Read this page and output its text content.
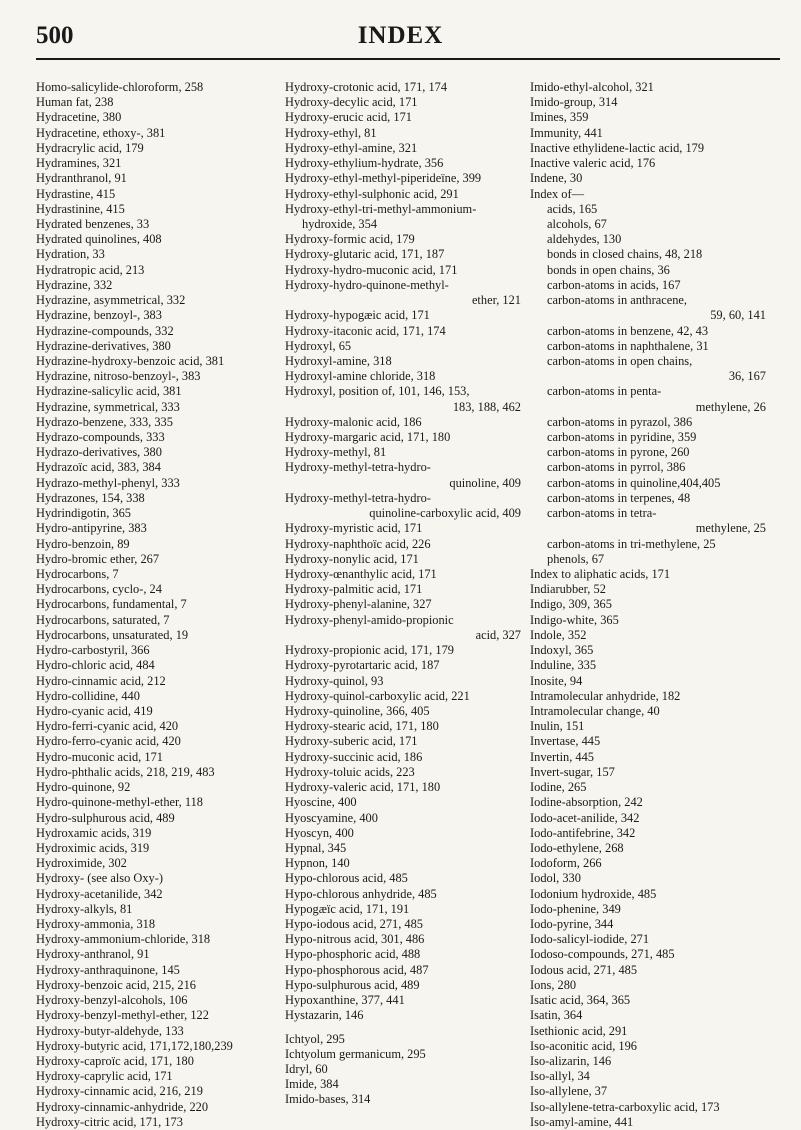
500	INDEX
Homo-salicylide-chloroform, 258
Human fat, 238
Hydracetine, 380
Hydracetine, ethoxy-, 381
Hydracrylic acid, 179
Hydramines, 321
Hydranthranol, 91
Hydrastine, 415
Hydrastinine, 415
Hydrated benzenes, 33
Hydrated quinolines, 408
Hydration, 33
Hydratropic acid, 213
Hydrazine, 332
Hydrazine, asymmetrical, 332
Hydrazine, benzoyl-, 383
Hydrazine-compounds, 332
Hydrazine-derivatives, 380
Hydrazine-hydroxy-benzoic acid, 381
Hydrazine, nitroso-benzoyl-, 383
Hydrazine-salicylic acid, 381
Hydrazine, symmetrical, 333
Hydrazo-benzene, 333, 335
Hydrazo-compounds, 333
Hydrazo-derivatives, 380
Hydrazoïc acid, 383, 384
Hydrazo-methyl-phenyl, 333
Hydrazones, 154, 338
Hydrindigotin, 365
Hydro-antipyrine, 383
Hydro-benzoin, 89
Hydro-bromic ether, 267
Hydrocarbons, 7
Hydrocarbons, cyclo-, 24
Hydrocarbons, fundamental, 7
Hydrocarbons, saturated, 7
Hydrocarbons, unsaturated, 19
Hydro-carbostyril, 366
Hydro-chloric acid, 484
Hydro-cinnamic acid, 212
Hydro-collidine, 440
Hydro-cyanic acid, 419
Hydro-ferri-cyanic acid, 420
Hydro-ferro-cyanic acid, 420
Hydro-muconic acid, 171
Hydro-phthalic acids, 218, 219, 483
Hydro-quinone, 92
Hydro-quinone-methyl-ether, 118
Hydro-sulphurous acid, 489
Hydroxamic acids, 319
Hydroximic acids, 319
Hydroximide, 302
Hydroxy- (see also Oxy-)
Hydroxy-acetanilide, 342
Hydroxy-alkyls, 81
Hydroxy-ammonia, 318
Hydroxy-ammonium-chloride, 318
Hydroxy-anthranol, 91
Hydroxy-anthraquinone, 145
Hydroxy-benzoic acid, 215, 216
Hydroxy-benzyl-alcohols, 106
Hydroxy-benzyl-methyl-ether, 122
Hydroxy-butyr-aldehyde, 133
Hydroxy-butyric acid, 171,172,180,239
Hydroxy-caproïc acid, 171, 180
Hydroxy-caprylic acid, 171
Hydroxy-cinnamic acid, 216, 219
Hydroxy-cinnamic-anhydride, 220
Hydroxy-citric acid, 171, 173
Hydroxy-crotonic acid, 171, 174
Hydroxy-decylic acid, 171
Hydroxy-erucic acid, 171
Hydroxy-ethyl, 81
Hydroxy-ethyl-amine, 321
Hydroxy-ethylium-hydrate, 356
Hydroxy-ethyl-methyl-piperideïne, 399
Hydroxy-ethyl-sulphonic acid, 291
Hydroxy-ethyl-tri-methyl-ammonium-
hydroxide, 354
Hydroxy-formic acid, 179
Hydroxy-glutaric acid, 171, 187
Hydroxy-hydro-muconic acid, 171
Hydroxy-hydro-quinone-methyl-
ether, 121
Hydroxy-hypogæic acid, 171
Hydroxy-itaconic acid, 171, 174
Hydroxyl, 65
Hydroxyl-amine, 318
Hydroxyl-amine chloride, 318
Hydroxyl, position of, 101, 146, 153,
183, 188, 462
Hydroxy-malonic acid, 186
Hydroxy-margaric acid, 171, 180
Hydroxy-methyl, 81
Hydroxy-methyl-tetra-hydro-
quinoline, 409
Hydroxy-methyl-tetra-hydro-
quinoline-carboxylic acid, 409
Hydroxy-myristic acid, 171
Hydroxy-naphthoïc acid, 226
Hydroxy-nonylic acid, 171
Hydroxy-œnanthylic acid, 171
Hydroxy-palmitic acid, 171
Hydroxy-phenyl-alanine, 327
Hydroxy-phenyl-amido-propionic
acid, 327
Hydroxy-propionic acid, 171, 179
Hydroxy-pyrotartaric acid, 187
Hydroxy-quinol, 93
Hydroxy-quinol-carboxylic acid, 221
Hydroxy-quinoline, 366, 405
Hydroxy-stearic acid, 171, 180
Hydroxy-suberic acid, 171
Hydroxy-succinic acid, 186
Hydroxy-toluic acids, 223
Hydroxy-valeric acid, 171, 180
Hyoscine, 400
Hyoscyamine, 400
Hyoscyn, 400
Hypnal, 345
Hypnon, 140
Hypo-chlorous acid, 485
Hypo-chlorous anhydride, 485
Hypogæïc acid, 171, 191
Hypo-iodous acid, 271, 485
Hypo-nitrous acid, 301, 486
Hypo-phosphoric acid, 488
Hypo-phosphorous acid, 487
Hypo-sulphurous acid, 489
Hypoxanthine, 377, 441
Hystazarin, 146
Ichtyol, 295
Ichtyolum germanicum, 295
Idryl, 60
Imide, 384
Imido-bases, 314
Imido-ethyl-alcohol, 321
Imido-group, 314
Imines, 359
Immunity, 441
Inactive ethylidene-lactic acid, 179
Inactive valeric acid, 176
Indene, 30
Index of—
acids, 165
alcohols, 67
aldehydes, 130
bonds in closed chains, 48, 218
bonds in open chains, 36
carbon-atoms in acids, 167
carbon-atoms in anthracene,
59, 60, 141
carbon-atoms in benzene, 42, 43
carbon-atoms in naphthalene, 31
carbon-atoms in open chains,
36, 167
carbon-atoms in penta-
methylene, 26
carbon-atoms in pyrazol, 386
carbon-atoms in pyridine, 359
carbon-atoms in pyrone, 260
carbon-atoms in pyrrol, 386
carbon-atoms in quinoline,404,405
carbon-atoms in terpenes, 48
carbon-atoms in tetra-
methylene, 25
carbon-atoms in tri-methylene, 25
phenols, 67
Index to aliphatic acids, 171
Indiarubber, 52
Indigo, 309, 365
Indigo-white, 365
Indole, 352
Indoxyl, 365
Induline, 335
Inosite, 94
Intramolecular anhydride, 182
Intramolecular change, 40
Inulin, 151
Invertase, 445
Invertin, 445
Invert-sugar, 157
Iodine, 265
Iodine-absorption, 242
Iodo-acet-anilide, 342
Iodo-antifebrine, 342
Iodo-ethylene, 268
Iodoform, 266
Iodol, 330
Iodonium hydroxide, 485
Iodo-phenine, 349
Iodo-pyrine, 344
Iodo-salicyl-iodide, 271
Iodoso-compounds, 271, 485
Iodous acid, 271, 485
Ions, 280
Isatic acid, 364, 365
Isatin, 364
Isethionic acid, 291
Iso-aconitic acid, 196
Iso-alizarin, 146
Iso-allyl, 34
Iso-allylene, 37
Iso-allylene-tetra-carboxylic acid, 173
Iso-amyl-amine, 441
